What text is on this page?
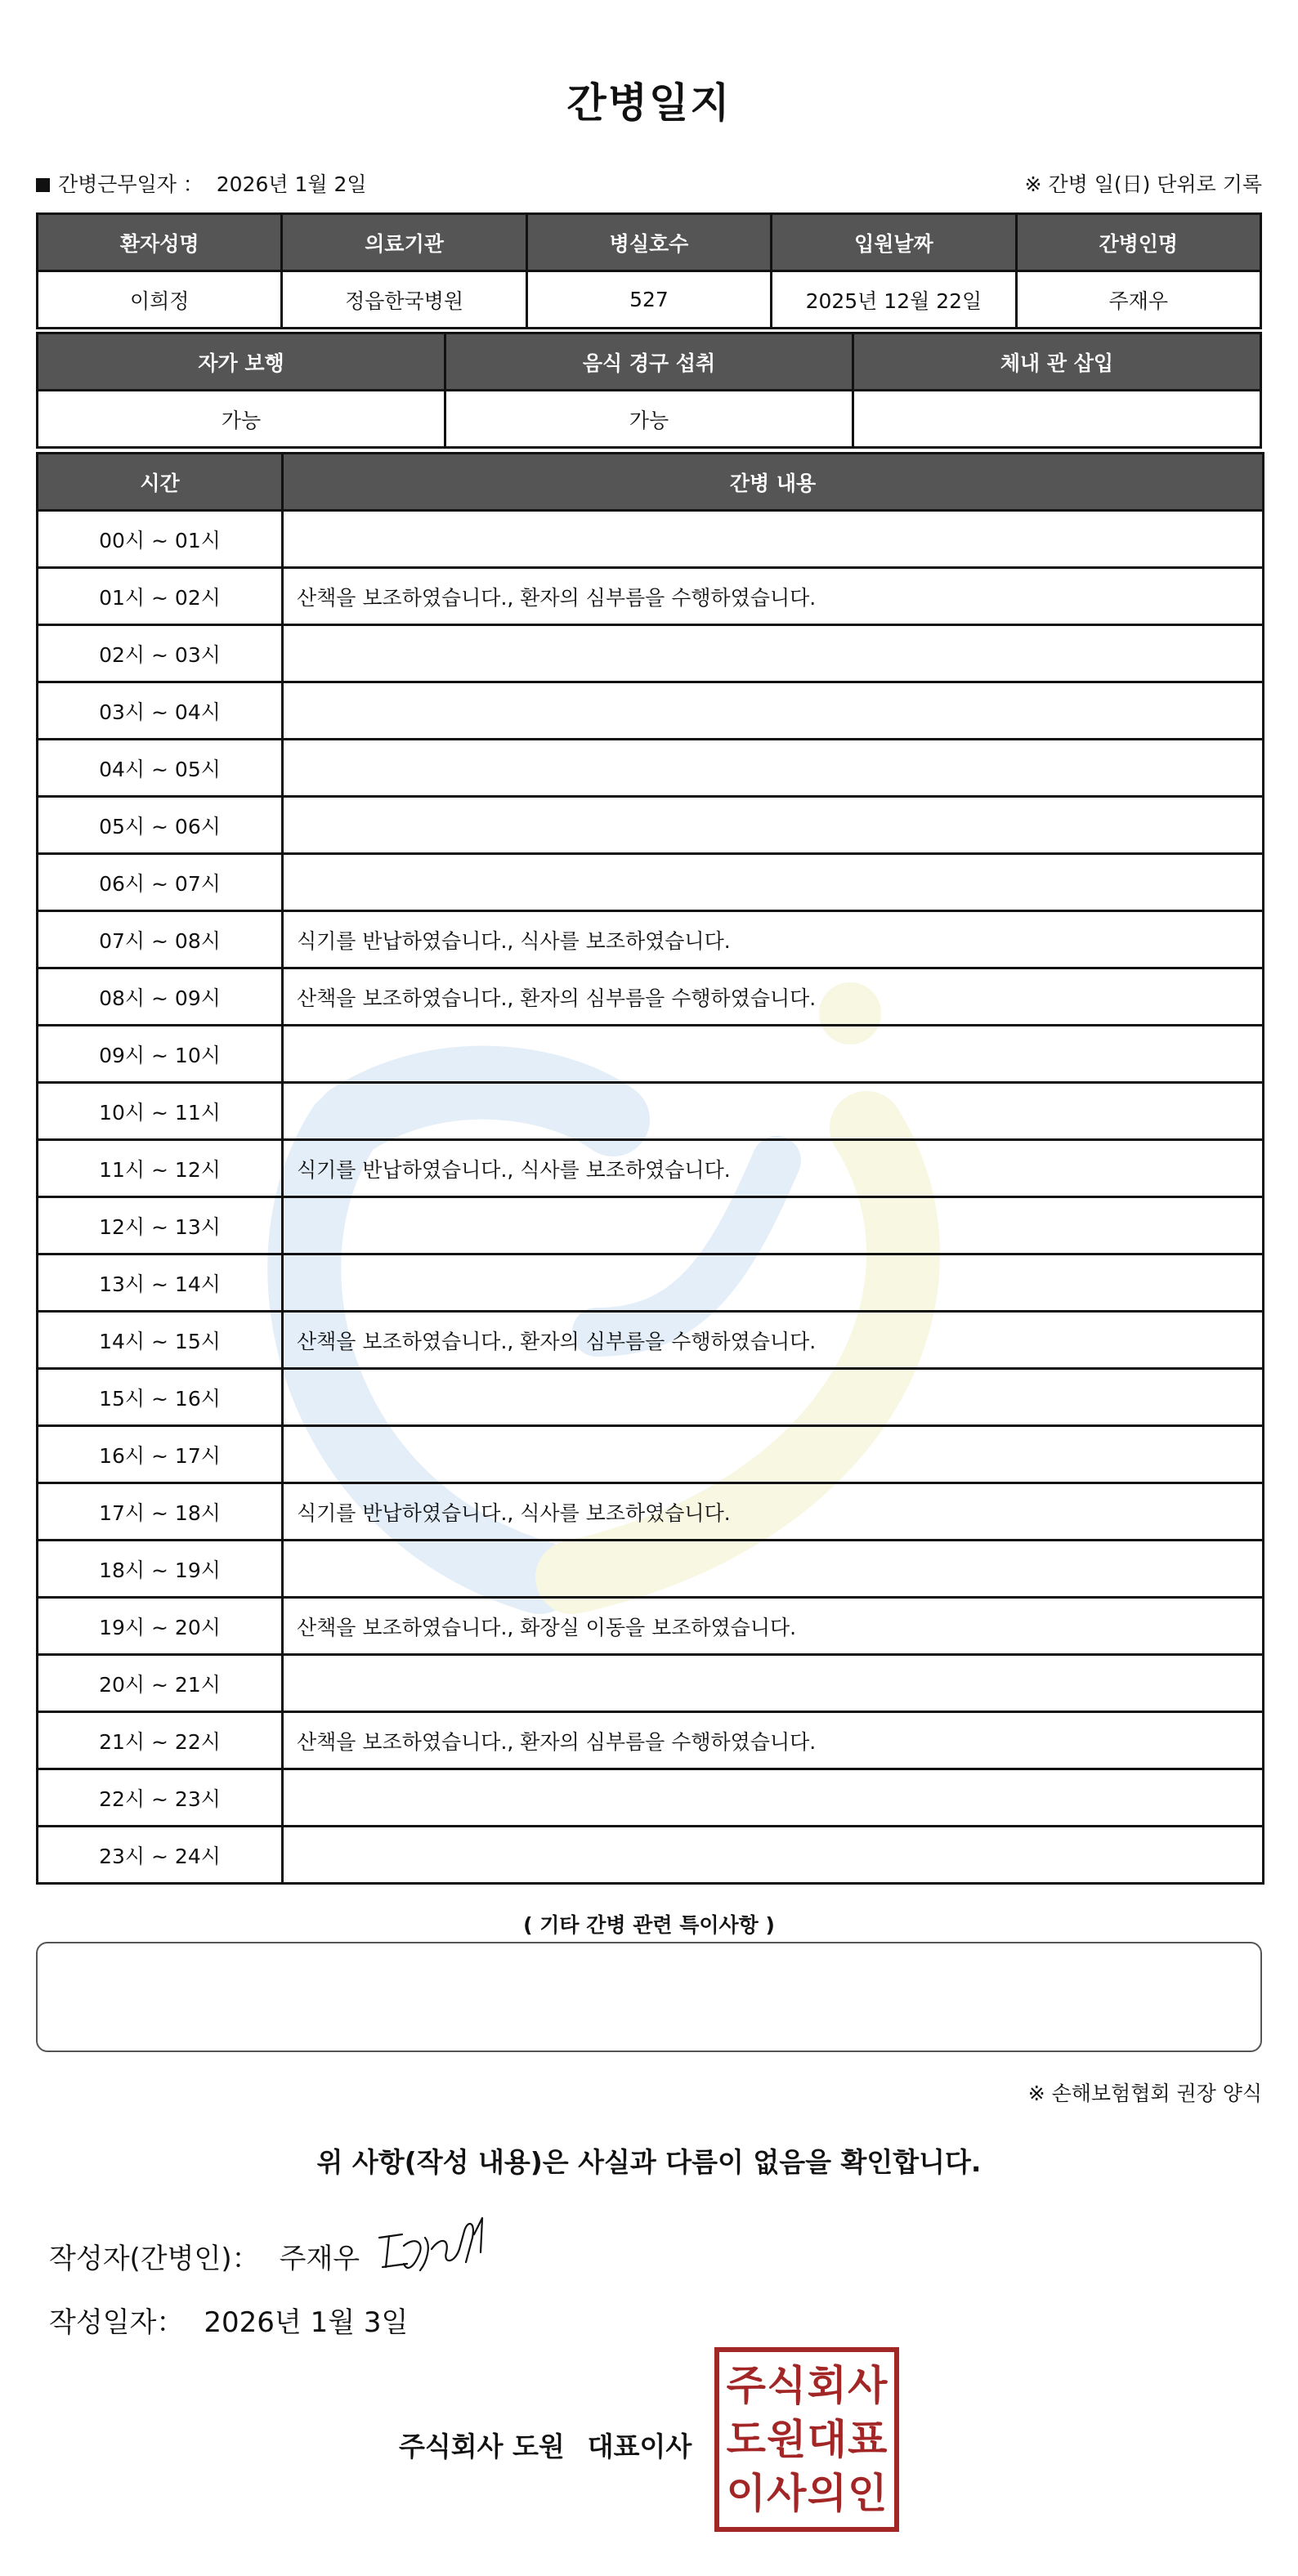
간병일지
간병근무일자 ： 2026년 1월 2일	※ 간병 일(日) 단위로 기록
환자성명	의료기관	병실호수	입원날짜	간병인명
이희정	정읍한국병원	527	2025년 12월 22일	주재우
자가 보행	음식 경구 섭취	체내 관 삽입
가능	가능	
시간	간병 내용
00시 ~ 01시	
01시 ~ 02시	산책을 보조하였습니다., 환자의 심부름을 수행하였습니다.
02시 ~ 03시	
03시 ~ 04시	
04시 ~ 05시	
05시 ~ 06시	
06시 ~ 07시	
07시 ~ 08시	식기를 반납하였습니다., 식사를 보조하였습니다.
08시 ~ 09시	산책을 보조하였습니다., 환자의 심부름을 수행하였습니다.
09시 ~ 10시	
10시 ~ 11시	
11시 ~ 12시	식기를 반납하였습니다., 식사를 보조하였습니다.
12시 ~ 13시	
13시 ~ 14시	
14시 ~ 15시	산책을 보조하였습니다., 환자의 심부름을 수행하였습니다.
15시 ~ 16시	
16시 ~ 17시	
17시 ~ 18시	식기를 반납하였습니다., 식사를 보조하였습니다.
18시 ~ 19시	
19시 ~ 20시	산책을 보조하였습니다., 화장실 이동을 보조하였습니다.
20시 ~ 21시	
21시 ~ 22시	산책을 보조하였습니다., 환자의 심부름을 수행하였습니다.
22시 ~ 23시	
23시 ~ 24시	
( 기타 간병 관련 특이사항 )
※ 손해보험협회 권장 양식
위 사항(작성 내용)은 사실과 다름이 없음을 확인합니다.
작성자(간병인)： 주재우
작성일자： 2026년 1월 3일
주식회사 도원 대표이사
주 식 회 사
도 원 대 표
이 사 의 인
